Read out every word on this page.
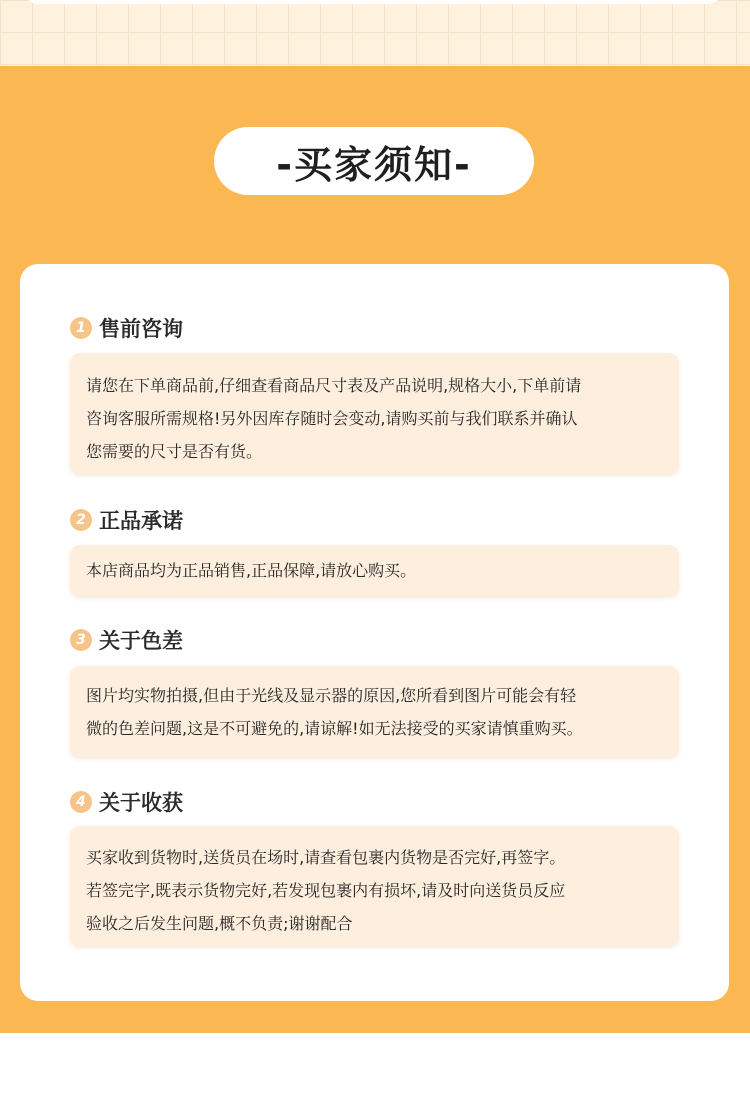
-买家须知-
1 售前咨询
请您在下单商品前,仔细查看商品尺寸表及产品说明,规格大小,下单前请
咨询客服所需规格!另外因库存随时会变动,请购买前与我们联系并确认
您需要的尺寸是否有货。
2 正品承诺
本店商品均为正品销售,正品保障,请放心购买。
3 关于色差
图片均实物拍摄,但由于光线及显示器的原因,您所看到图片可能会有轻
微的色差问题,这是不可避免的,请谅解!如无法接受的买家请慎重购买。
4 关于收获
买家收到货物时,送货员在场时,请查看包裹内货物是否完好,再签字。
若签完字,既表示货物完好,若发现包裹内有损坏,请及时向送货员反应
验收之后发生问题,概不负责;谢谢配合
